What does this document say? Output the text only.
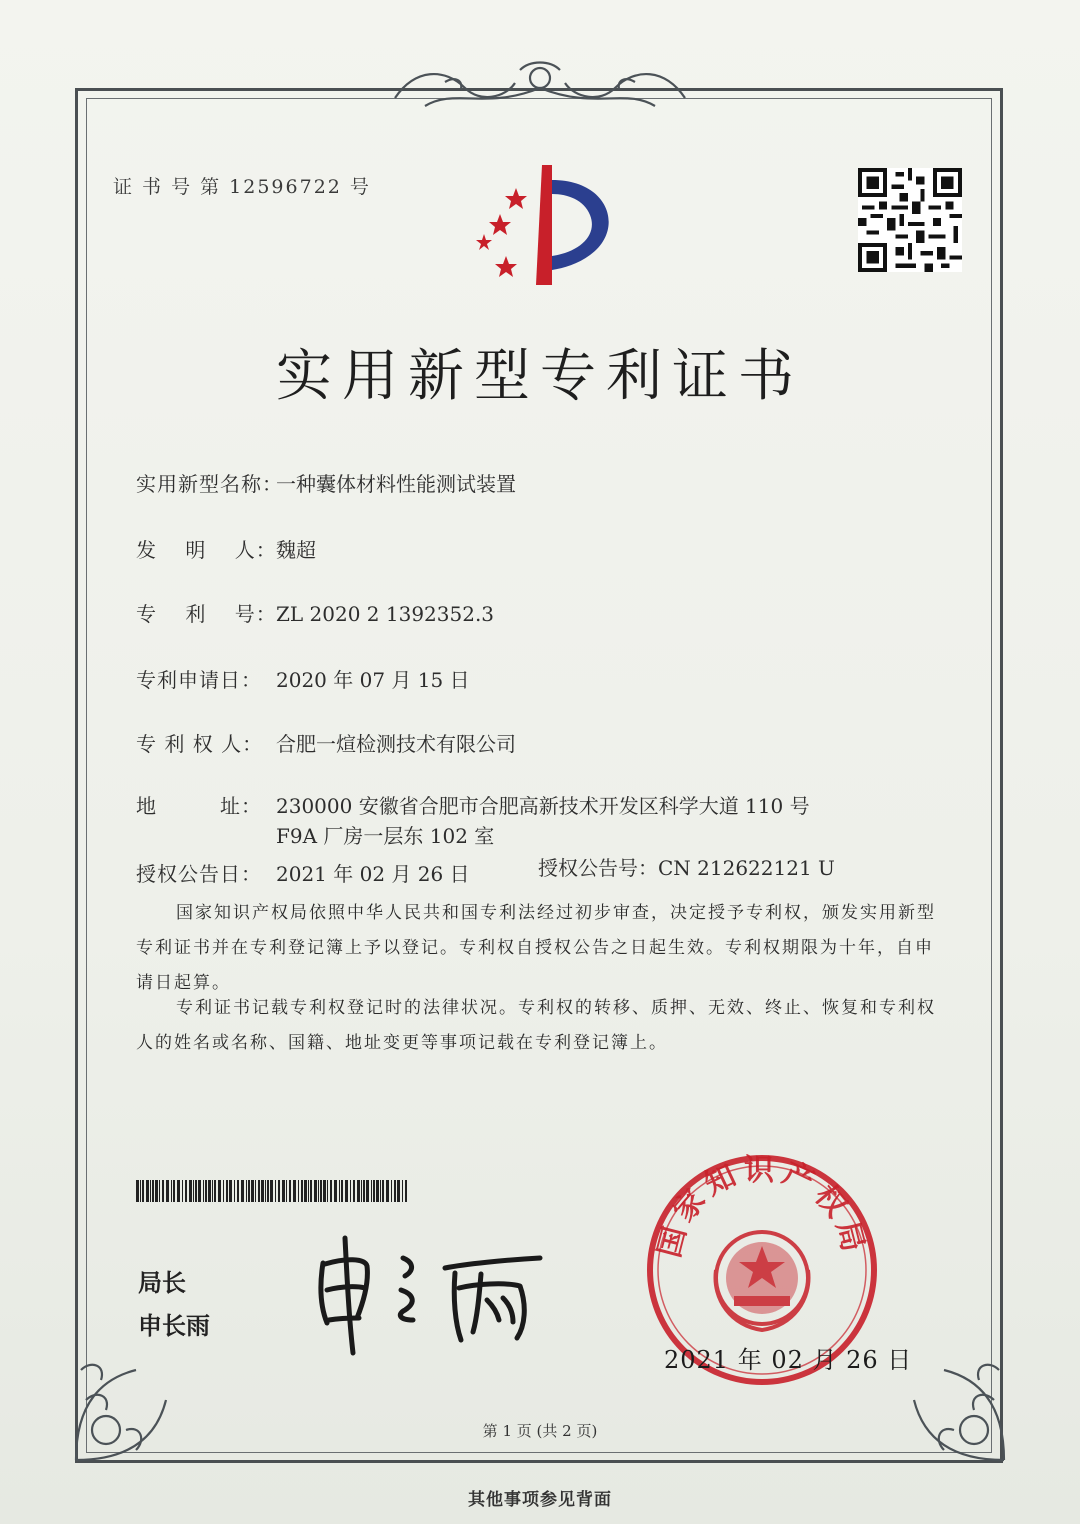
证 书 号 第 12596722 号
实用新型专利证书
实用新型名称：一种囊体材料性能测试装置
发　 明　 人：魏超
专　 利　 号：ZL 2020 2 1392352.3
专利申请日： 2020 年 07 月 15 日
专 利 权 人： 合肥一煊检测技术有限公司
地　　　址： 230000 安徽省合肥市合肥高新技术开发区科学大道 110 号
F9A 厂房一层东 102 室
授权公告日： 2021 年 02 月 26 日	授权公告号：CN 212622121 U
国家知识产权局依照中华人民共和国专利法经过初步审查，决定授予专利权，颁发实用新型专利证书并在专利登记簿上予以登记。专利权自授权公告之日起生效。专利权期限为十年，自申请日起算。
专利证书记载专利权登记时的法律状况。专利权的转移、质押、无效、终止、恢复和专利权人的姓名或名称、国籍、地址变更等事项记载在专利登记簿上。
局长
申长雨
国家知识产权局
2021 年 02 月 26 日
第 1 页 (共 2 页)
其他事项参见背面
